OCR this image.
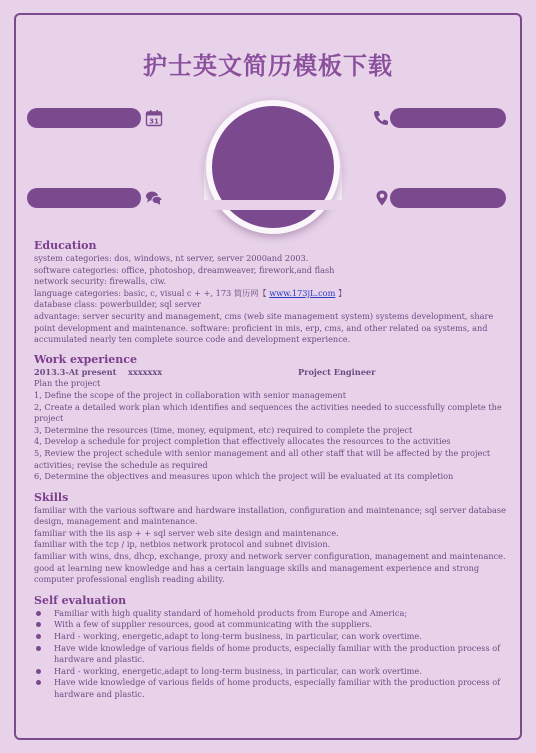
护士英文简历模板下载
31
Education

system categories: dos, windows, nt server, server 2000and 2003.

software categories: office, photoshop, dreamweaver, firework,and flash

network security: firewalls, ciw.

language categories: basic, c, visual c + +, 173 简历网【 www.173jL.com 】

database class: powerbuilder, sql server

advantage: server security and management, cms (web site management system) systems development, share point development and maintenance. software: proficient in mis, erp, cms, and other related oa systems, and accumulated nearly ten complete source code and development experience.

Work experience
2013.3-At present	xxxxxxx	Project Engineer

Plan the project

1, Define the scope of the project in collaboration with senior management

2, Create a detailed work plan which identifies and sequences the activities needed to successfully complete the project

3, Determine the resources (time, money, equipment, etc) required to complete the project

4, Develop a schedule for project completion that effectively allocates the resources to the activities

5, Review the project schedule with senior management and all other staff that will be affected by the project activities; revise the schedule as required

6, Determine the objectives and measures upon which the project will be evaluated at its completion

Skills

familiar with the various software and hardware installation, configuration and maintenance; sql server database design, management and maintenance.

familiar with the iis asp + + sql server web site design and maintenance.

familiar with the tcp / ip, netbios network protocol and subnet division.

familiar with wins, dns, dhcp, exchange, proxy and network server configuration, management and maintenance. good at learning new knowledge and has a certain language skills and management experience and strong computer professional english reading ability.

Self evaluation
Familiar with high quality standard of homehold products from Europe and America;
With a few of supplier resources, good at communicating with the suppliers.
Hard - working, energetic,adapt to long-term business, in particular, can work overtime.
Have wide knowledge of various fields of home products, especially familiar with the production process of hardware and plastic.
Hard - working, energetic,adapt to long-term business, in particular, can work overtime.
Have wide knowledge of various fields of home products, especially familiar with the production process of hardware and plastic.
